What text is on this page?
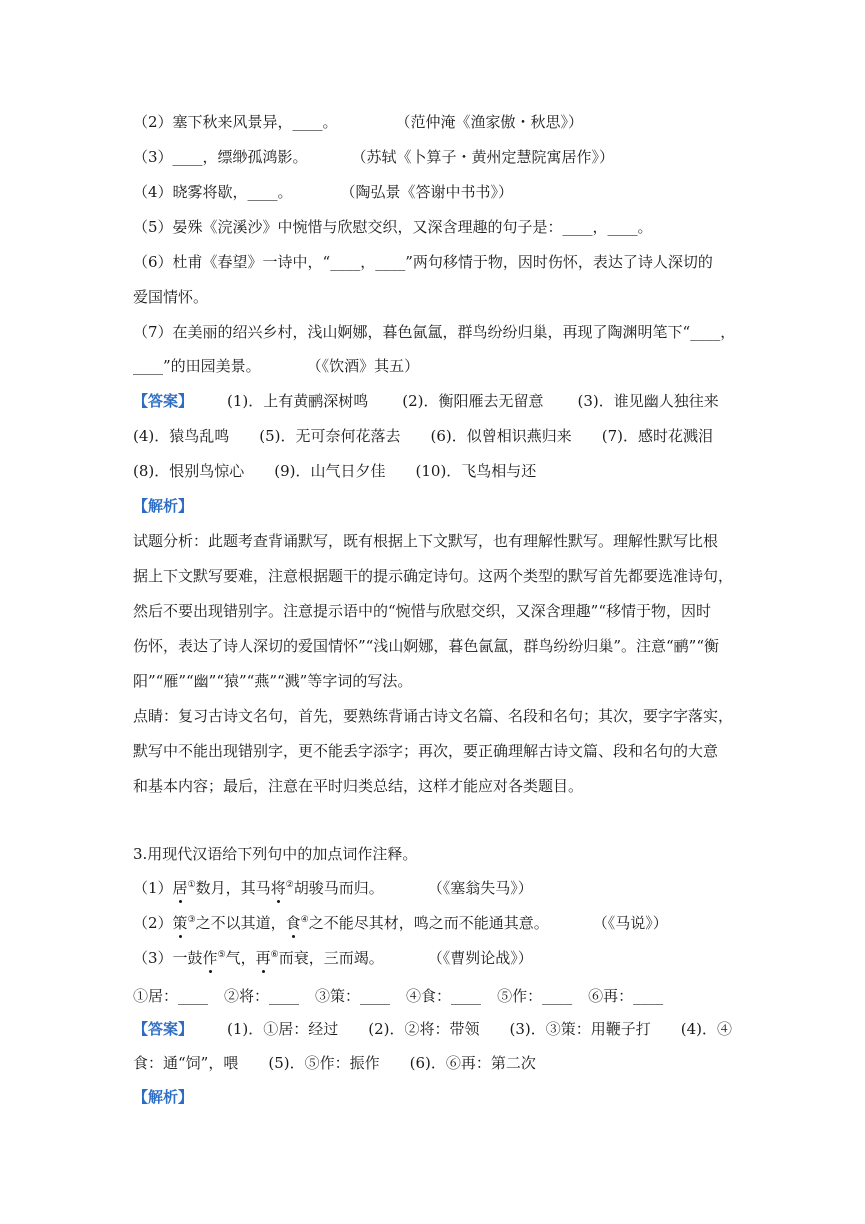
（2）塞下秋来风景异，____。	（范仲淹《渔家傲・秋思》）
（3）____，缥缈孤鸿影。	（苏轼《卜算子・黄州定慧院寓居作》）
（4）晓雾将歇，____。	（陶弘景《答谢中书书》）
（5）晏殊《浣溪沙》中惋惜与欣慰交织，又深含理趣的句子是：____，____。
（6）杜甫《春望》一诗中，“____，____”两句移情于物，因时伤怀，表达了诗人深切的
爱国情怀。
（7）在美丽的绍兴乡村，浅山婀娜，暮色氤氲，群鸟纷纷归巢，再现了陶渊明笔下“____，
____”的田园美景。	（《饮酒》其五）
【答案】 (1)．上有黄鹂深树鸣 (2)．衡阳雁去无留意 (3)．谁见幽人独往来
(4)．猿鸟乱鸣 (5)．无可奈何花落去 (6)．似曾相识燕归来 (7)．感时花溅泪
(8)．恨别鸟惊心 (9)．山气日夕佳 (10)．飞鸟相与还
【解析】
试题分析：此题考查背诵默写，既有根据上下文默写，也有理解性默写。理解性默写比根
据上下文默写要难，注意根据题干的提示确定诗句。这两个类型的默写首先都要选准诗句，
然后不要出现错别字。注意提示语中的“惋惜与欣慰交织，又深含理趣”“移情于物，因时
伤怀，表达了诗人深切的爱国情怀”“浅山婀娜，暮色氤氲，群鸟纷纷归巢”。注意“鹂”“衡
阳”“雁”“幽”“猿”“燕”“溅”等字词的写法。
点睛：复习古诗文名句，首先，要熟练背诵古诗文名篇、名段和名句；其次，要字字落实，
默写中不能出现错别字，更不能丢字添字；再次，要正确理解古诗文篇、段和名句的大意
和基本内容；最后，注意在平时归类总结，这样才能应对各类题目。
3.用现代汉语给下列句中的加点词作注释。
（1）居①数月，其马将②胡骏马而归。	（《塞翁失马》）
（2）策③之不以其道，食④之不能尽其材，鸣之而不能通其意。	（《马说》）
（3）一鼓作⑤气，再⑥而衰，三而竭。	（《曹刿论战》）
①居：____ ②将：____ ③策：____ ④食：____ ⑤作：____ ⑥再：____
【答案】 (1)．①居：经过 (2)．②将：带领 (3)．③策：用鞭子打 (4)．④
食：通“饲”，喂 (5)．⑤作：振作 (6)．⑥再：第二次
【解析】
